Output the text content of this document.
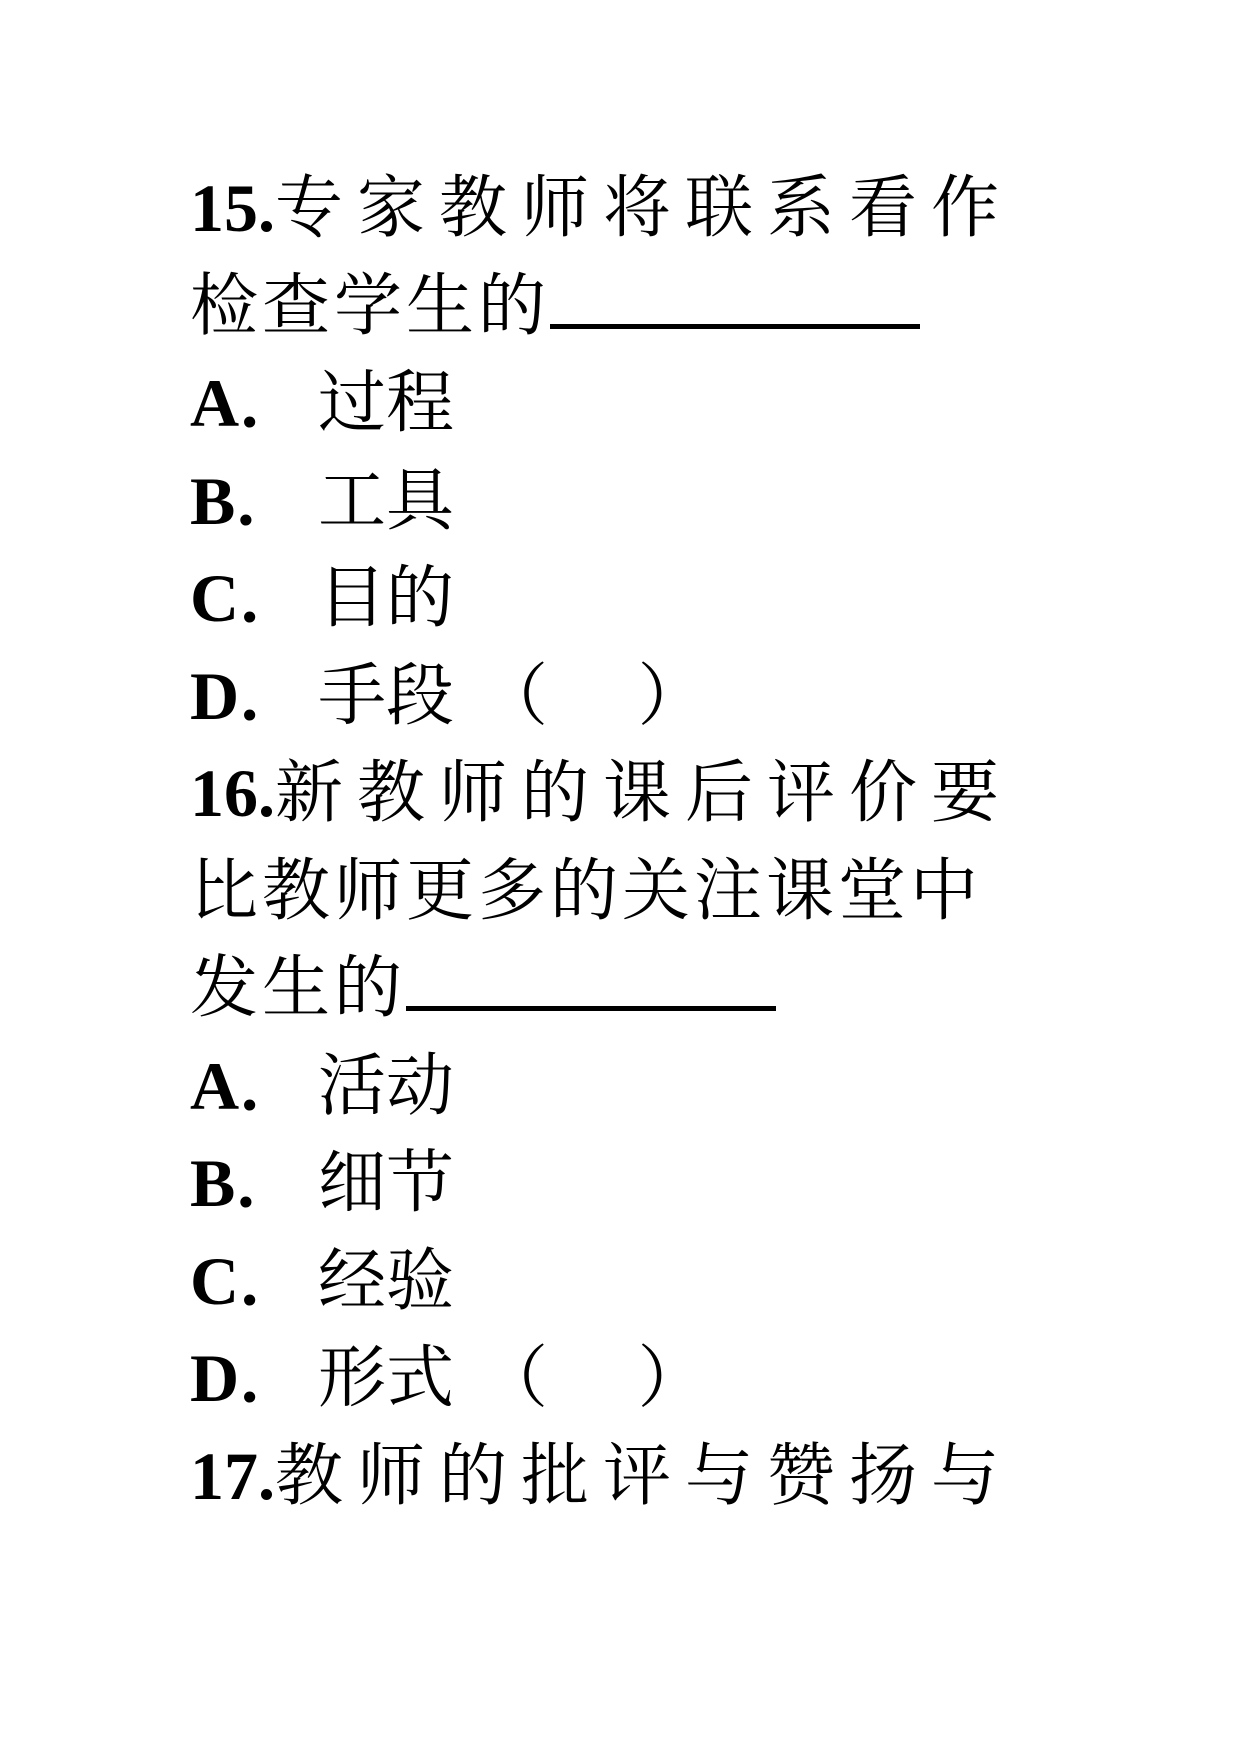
15.专家教师将联系看作
检查学生的
A． 过程
B． 工具
C． 目的
D． 手段 （　 ）
16.新教师的课后评价要
比教师更多的关注课堂中
发生的
A． 活动
B． 细节
C． 经验
D． 形式 （　 ）
17.教师的批评与赞扬与
